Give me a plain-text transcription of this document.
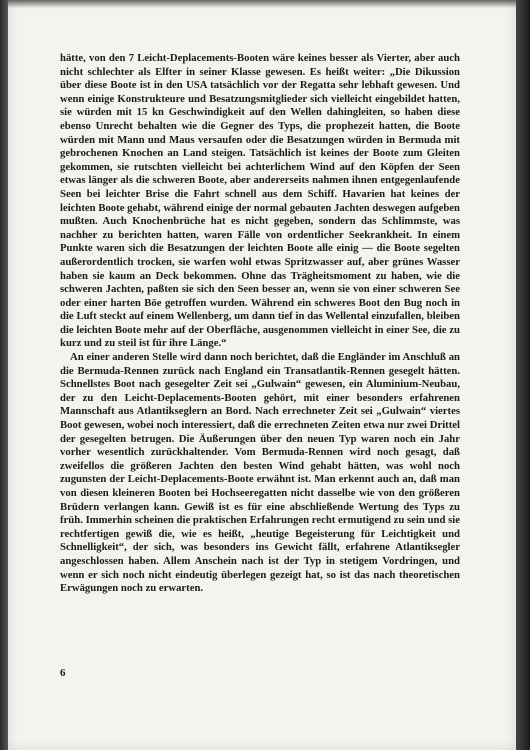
hätte, von den 7 Leicht-Deplacements-Booten wäre keines besser als Vierter, aber auch nicht schlechter als Elfter in seiner Klasse gewesen. Es heißt weiter: „Die Dikussion über diese Boote ist in den USA tatsächlich vor der Regatta sehr lebhaft gewesen. Und wenn einige Konstrukteure und Besatzungsmitglieder sich vielleicht eingebildet hatten, sie würden mit 15 kn Geschwindigkeit auf den Wellen dahingleiten, so haben diese ebenso Unrecht behalten wie die Gegner des Typs, die prophezeit hatten, die Boote würden mit Mann und Maus versaufen oder die Besatzungen würden in Bermuda mit gebrochenen Knochen an Land steigen. Tatsächlich ist keines der Boote zum Gleiten gekommen, sie rutschten vielleicht bei achterlichem Wind auf den Köpfen der Seen etwas länger als die schweren Boote, aber andererseits nahmen ihnen entgegenlaufende Seen bei leichter Brise die Fahrt schnell aus dem Schiff. Havarien hat keines der leichten Boote gehabt, während einige der normal gebauten Jachten deswegen aufgeben mußten. Auch Knochenbrüche hat es nicht gegeben, sondern das Schlimmste, was nachher zu berichten hatten, waren Fälle von ordentlicher Seekrankheit. In einem Punkte waren sich die Besatzungen der leichten Boote alle einig — die Boote segelten außerordentlich trocken, sie warfen wohl etwas Spritzwasser auf, aber grünes Wasser haben sie kaum an Deck bekommen. Ohne das Trägheitsmoment zu haben, wie die schweren Jachten, paßten sie sich den Seen besser an, wenn sie von einer schweren See oder einer harten Böe getroffen wurden. Während ein schweres Boot den Bug noch in die Luft steckt auf einem Wellenberg, um dann tief in das Wellental einzufallen, bleiben die leichten Boote mehr auf der Oberfläche, ausgenommen vielleicht in einer See, die zu kurz und zu steil ist für ihre Länge.“

An einer anderen Stelle wird dann noch berichtet, daß die Engländer im Anschluß an die Bermuda-Rennen zurück nach England ein Transatlantik-Rennen gesegelt hätten. Schnellstes Boot nach gesegelter Zeit sei „Gulwain“ gewesen, ein Aluminium-Neubau, der zu den Leicht-Deplacements-Booten gehört, mit einer besonders erfahrenen Mannschaft aus Atlantikseglern an Bord. Nach errechneter Zeit sei „Gulwain“ viertes Boot gewesen, wobei noch interessiert, daß die errechneten Zeiten etwa nur zwei Drittel der gesegelten betrugen. Die Äußerungen über den neuen Typ waren noch ein Jahr vorher wesentlich zurückhaltender. Vom Bermuda-Rennen wird noch gesagt, daß zweifellos die größeren Jachten den besten Wind gehabt hätten, was wohl noch zugunsten der Leicht-Deplacements-Boote erwähnt ist. Man erkennt auch an, daß man von diesen kleineren Booten bei Hochseeregatten nicht dasselbe wie von den größeren Brüdern verlangen kann. Gewiß ist es für eine abschließende Wertung des Typs zu früh. Immerhin scheinen die praktischen Erfahrungen recht ermutigend zu sein und sie rechtfertigen gewiß die, wie es heißt, „heutige Begeisterung für Leichtigkeit und Schnelligkeit“, der sich, was besonders ins Gewicht fällt, erfahrene Atlantiksegler angeschlossen haben. Allem Anschein nach ist der Typ in stetigem Vordringen, und wenn er sich noch nicht eindeutig überlegen gezeigt hat, so ist das nach theoretischen Erwägungen noch zu erwarten.

6
